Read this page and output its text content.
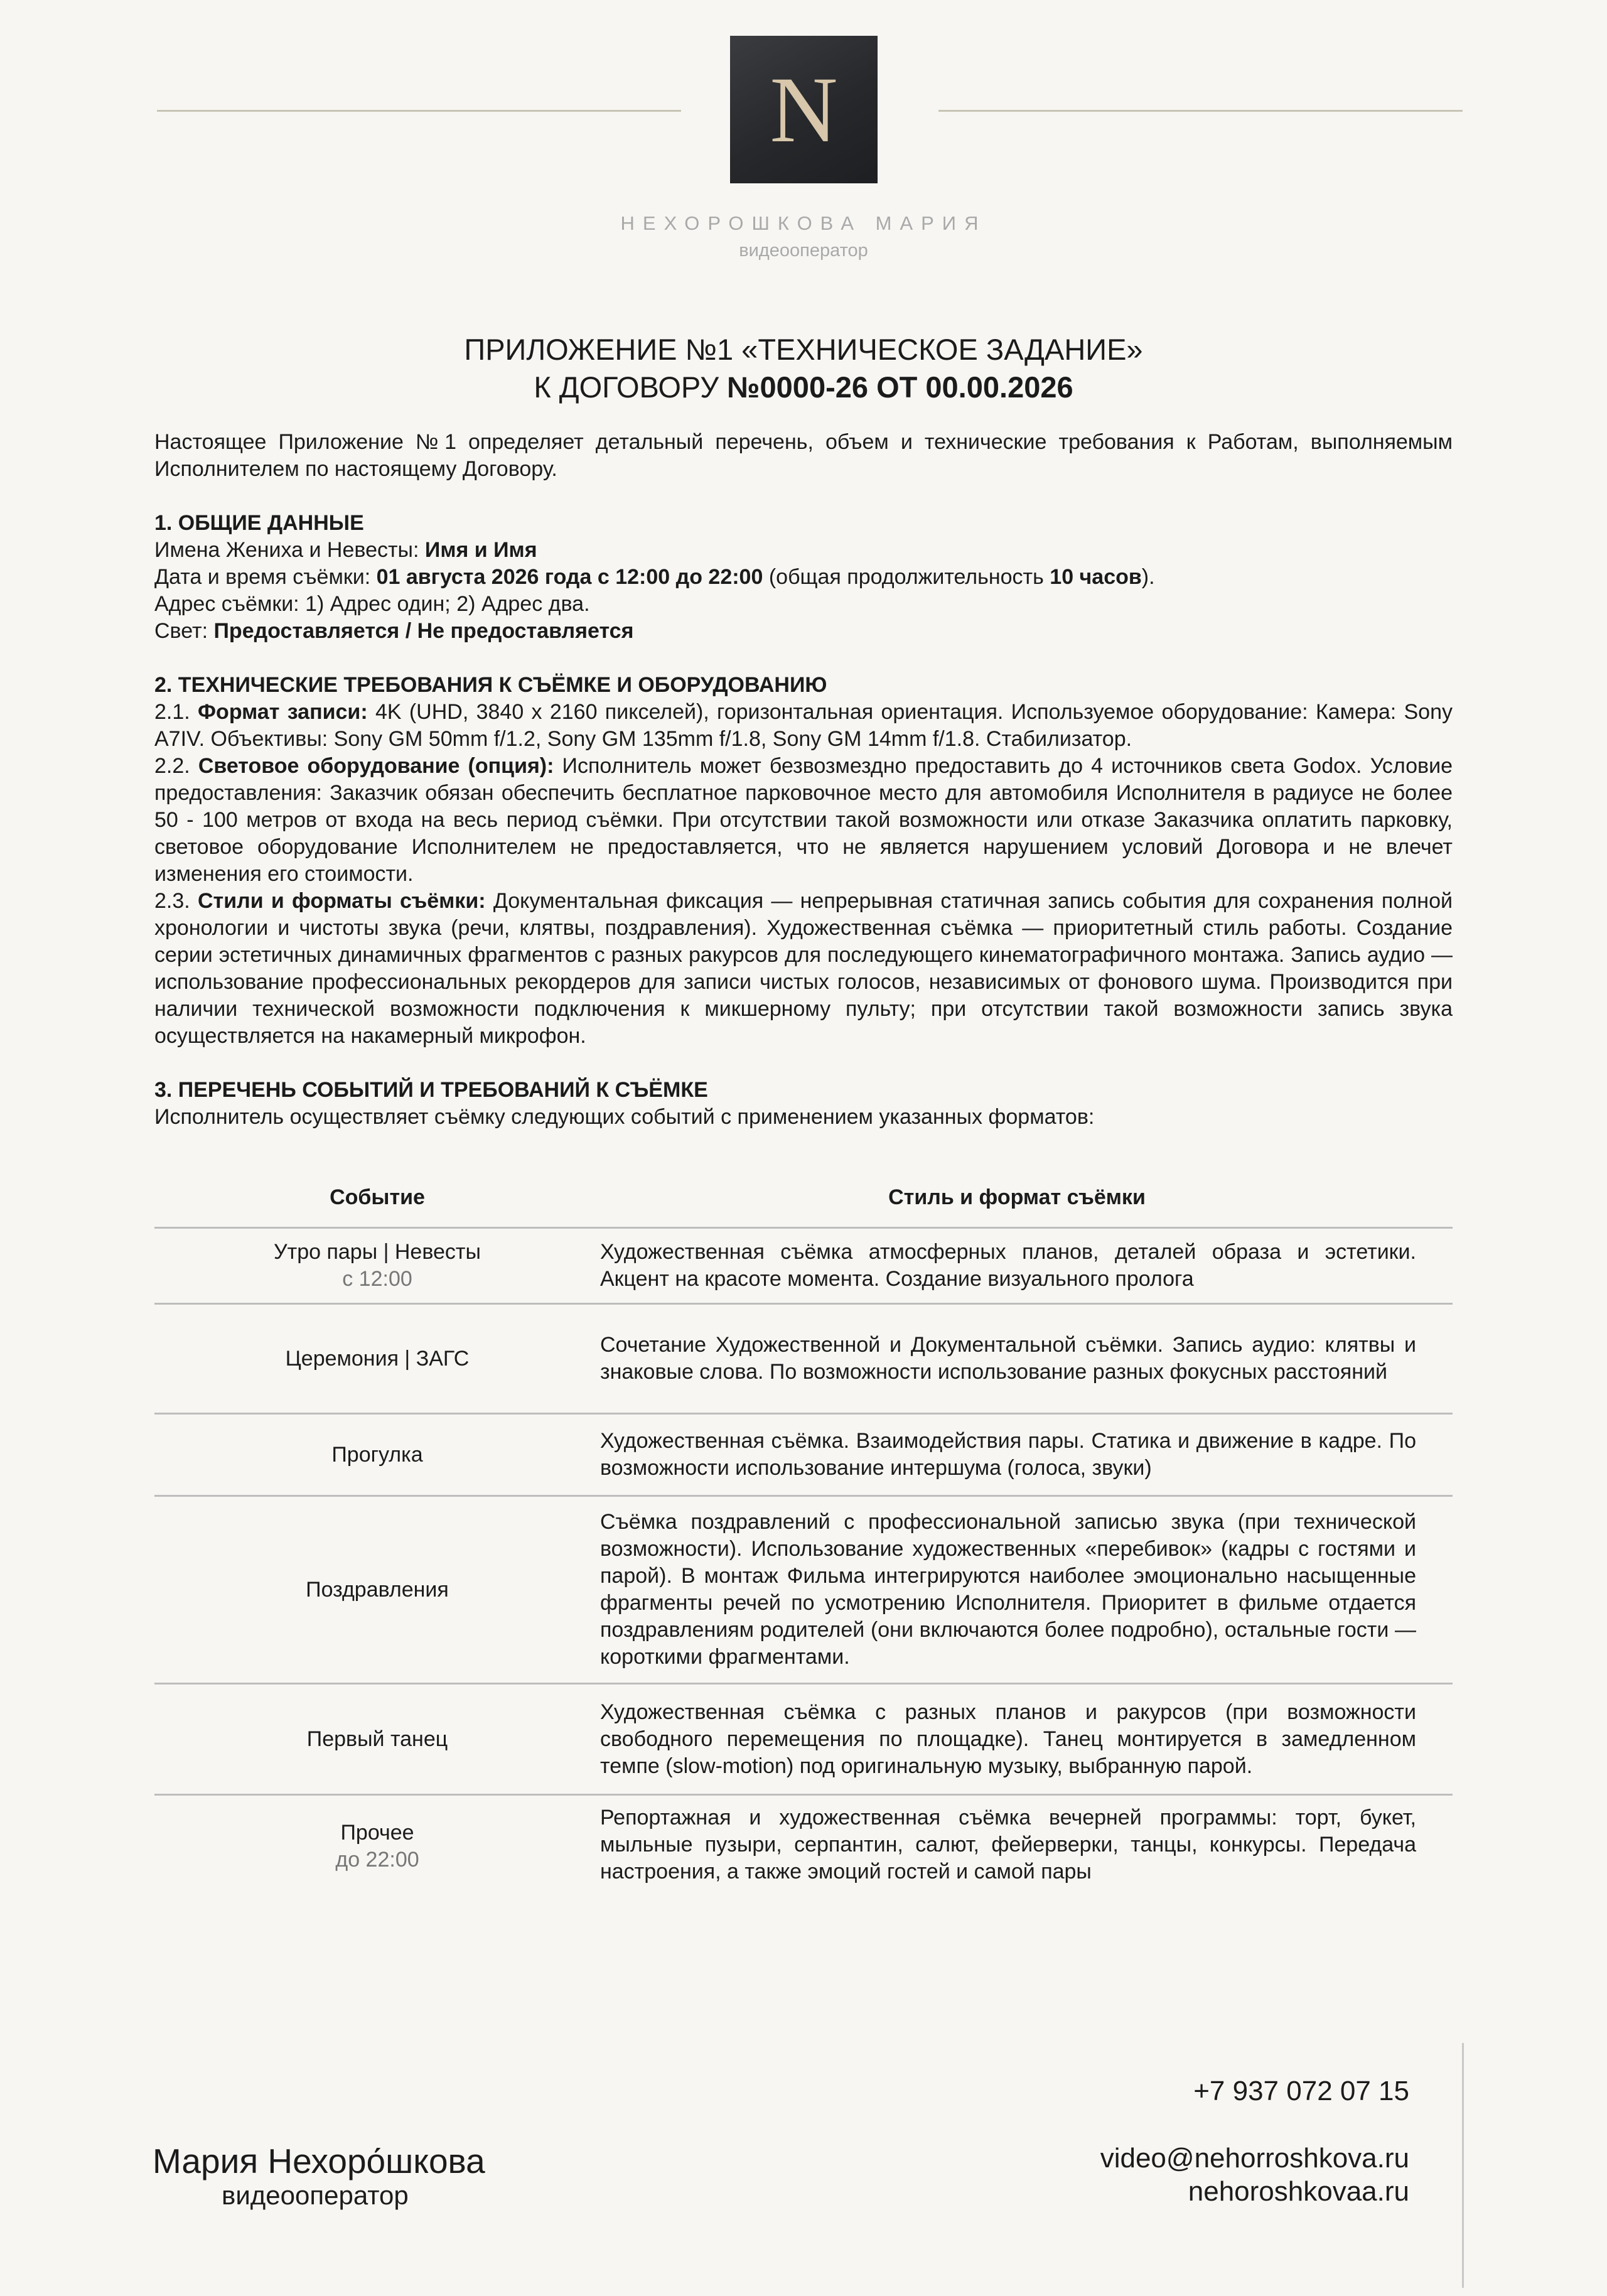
N
НЕХОРОШКОВА МАРИЯ
видеооператор
ПРИЛОЖЕНИЕ №1 «ТЕХНИЧЕСКОЕ ЗАДАНИЕ»
К ДОГОВОРУ №0000-26 ОТ 00.00.2026

Настоящее Приложение №1 определяет детальный перечень, объем и технические требования к Работам, выполняемым Исполнителем по настоящему Договору.

1. ОБЩИЕ ДАННЫЕ

Имена Жениха и Невесты: Имя и Имя

Дата и время съёмки: 01 августа 2026 года с 12:00 до 22:00 (общая продолжительность 10 часов).

Адрес съёмки: 1) Адрес один; 2) Адрес два.

Свет: Предоставляется / Не предоставляется

2. ТЕХНИЧЕСКИЕ ТРЕБОВАНИЯ К СЪЁМКЕ И ОБОРУДОВАНИЮ

2.1. Формат записи: 4K (UHD, 3840 х 2160 пикселей), горизонтальная ориентация. Используемое оборудование: Камера: Sony A7IV. Объективы: Sony GM 50mm f/1.2, Sony GM 135mm f/1.8, Sony GM 14mm f/1.8. Стабилизатор.

2.2. Световое оборудование (опция): Исполнитель может безвозмездно предоставить до 4 источников света Godox. Условие предоставления: Заказчик обязан обеспечить бесплатное парковочное место для автомобиля Исполнителя в радиусе не более 50 - 100 метров от входа на весь период съёмки. При отсутствии такой возможности или отказе Заказчика оплатить парковку, световое оборудование Исполнителем не предоставляется, что не является нарушением условий Договора и не влечет изменения его стоимости.

2.3. Стили и форматы съёмки: Документальная фиксация — непрерывная статичная запись события для сохранения полной хронологии и чистоты звука (речи, клятвы, поздравления). Художественная съёмка — приоритетный стиль работы. Создание серии эстетичных динамичных фрагментов с разных ракурсов для последующего кинематографичного монтажа. Запись аудио — использование профессиональных рекордеров для записи чистых голосов, независимых от фонового шума. Производится при наличии технической возможности подключения к микшерному пульту; при отсутствии такой возможности запись звука осуществляется на накамерный микрофон.

3. ПЕРЕЧЕНЬ СОБЫТИЙ И ТРЕБОВАНИЙ К СЪЁМКЕ

Исполнитель осуществляет съёмку следующих событий с применением указанных форматов:

Событие	Стиль и формат съёмки
Утро пары | Невесты
с 12:00
Художественная съёмка атмосферных планов, деталей образа и эстетики. Акцент на красоте момента. Создание визуального пролога
Церемония | ЗАГС
Сочетание Художественной и Документальной съёмки. Запись аудио: клятвы и знаковые слова. По возможности использование разных фокусных расстояний
Прогулка
Художественная съёмка. Взаимодействия пары. Статика и движение в кадре. По возможности использование интершума (голоса, звуки)
Поздравления
Съёмка поздравлений с профессиональной записью звука (при технической возможности). Использование художественных «перебивок» (кадры с гостями и парой). В монтаж Фильма интегрируются наиболее эмоционально насыщенные фрагменты речей по усмотрению Исполнителя. Приоритет в фильме отдается поздравлениям родителей (они включаются более подробно), остальные гости — короткими фрагментами.
Первый танец
Художественная съёмка с разных планов и ракурсов (при возможности свободного перемещения по площадке). Танец монтируется в замедленном темпе (slow-motion) под оригинальную музыку, выбранную парой.
Прочее
до 22:00
Репортажная и художественная съёмка вечерней программы: торт, букет, мыльные пузыри, серпантин, салют, фейерверки, танцы, конкурсы. Передача настроения, а также эмоций гостей и самой пары
Мария Нехоро́шкова
видеооператор
+7 937 072 07 15
video@nehorroshkova.ru
nehoroshkovaa.ru
